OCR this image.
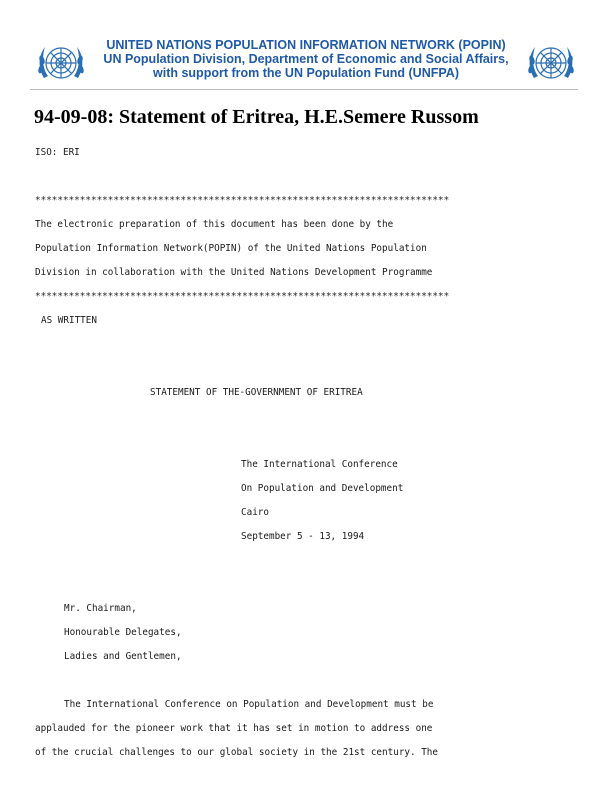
UNITED NATIONS POPULATION INFORMATION NETWORK (POPIN)
UN Population Division, Department of Economic and Social Affairs,
with support from the UN Population Fund (UNFPA)
94-09-08: Statement of Eritrea, H.E.Semere Russom
ISO: ERI
**************************************************************************
The electronic preparation of this document has been done by the
Population Information Network(POPIN) of the United Nations Population
Division in collaboration with the United Nations Development Programme
**************************************************************************
AS WRITTEN
STATEMENT OF THE-GOVERNMENT OF ERITREA
The International Conference
On Population and Development
Cairo
September 5 - 13, 1994
Mr. Chairman,
Honourable Delegates,
Ladies and Gentlemen,
The International Conference on Population and Development must be
applauded for the pioneer work that it has set in motion to address one
of the crucial challenges to our global society in the 21st century. The
